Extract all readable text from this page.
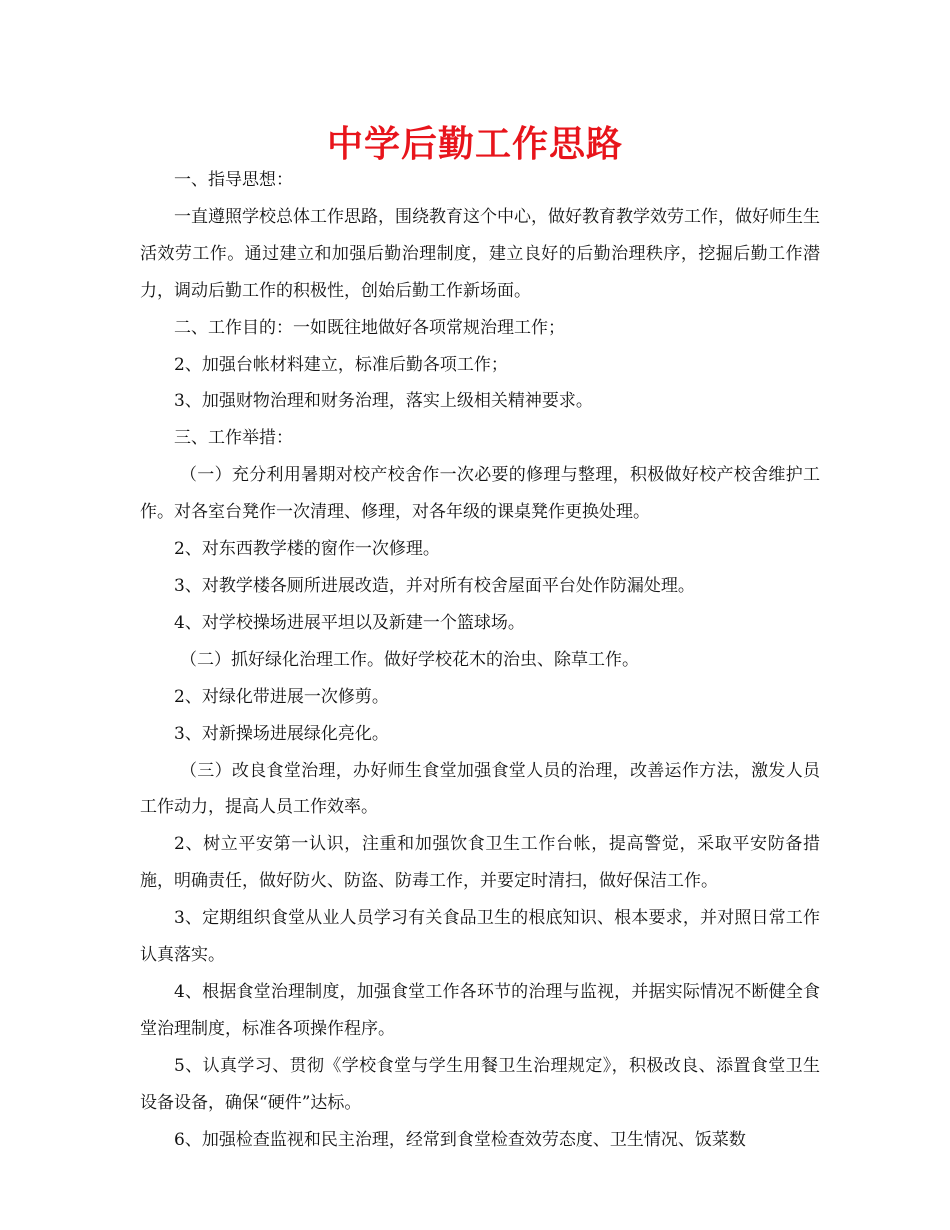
中学后勤工作思路

一、指导思想：

一直遵照学校总体工作思路，围绕教育这个中心，做好教育教学效劳工作，做好师生生活效劳工作。通过建立和加强后勤治理制度，建立良好的后勤治理秩序，挖掘后勤工作潜力，调动后勤工作的积极性，创始后勤工作新场面。

二、工作目的：一如既往地做好各项常规治理工作；

2、加强台帐材料建立，标准后勤各项工作；

3、加强财物治理和财务治理，落实上级相关精神要求。

三、工作举措：

（一）充分利用暑期对校产校舍作一次必要的修理与整理，积极做好校产校舍维护工作。对各室台凳作一次清理、修理，对各年级的课桌凳作更换处理。

2、对东西教学楼的窗作一次修理。

3、对教学楼各厕所进展改造，并对所有校舍屋面平台处作防漏处理。

4、对学校操场进展平坦以及新建一个篮球场。

（二）抓好绿化治理工作。做好学校花木的治虫、除草工作。

2、对绿化带进展一次修剪。

3、对新操场进展绿化亮化。

（三）改良食堂治理，办好师生食堂加强食堂人员的治理，改善运作方法，激发人员工作动力，提高人员工作效率。

2、树立平安第一认识，注重和加强饮食卫生工作台帐，提高警觉，采取平安防备措施，明确责任，做好防火、防盗、防毒工作，并要定时清扫，做好保洁工作。

3、定期组织食堂从业人员学习有关食品卫生的根底知识、根本要求，并对照日常工作认真落实。

4、根据食堂治理制度，加强食堂工作各环节的治理与监视，并据实际情况不断健全食堂治理制度，标准各项操作程序。

5、认真学习、贯彻《学校食堂与学生用餐卫生治理规定》，积极改良、添置食堂卫生设备设备，确保“硬件”达标。

6、加强检查监视和民主治理，经常到食堂检查效劳态度、卫生情况、饭菜数
